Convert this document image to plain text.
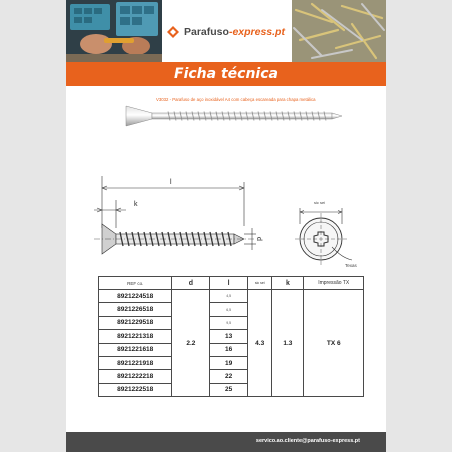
Parafuso-express.pt
Ficha técnica
V3032 - Parafuso de aço inoxidável A4 com cabeça escareada para chapa metálica
l
k
d
sic sei
Texas
REF co.	d	l	sic sei	k	Impressão TX
8921224518	2.2	4,5	4.3	1.3	TX 6
8921226518		6,5			
8921229518		9,5			
8921221318		13			
8921221618		16			
8921221918		19			
8921222218		22			
8921222518		25			
servico.ao.cliente@parafuso-express.pt
